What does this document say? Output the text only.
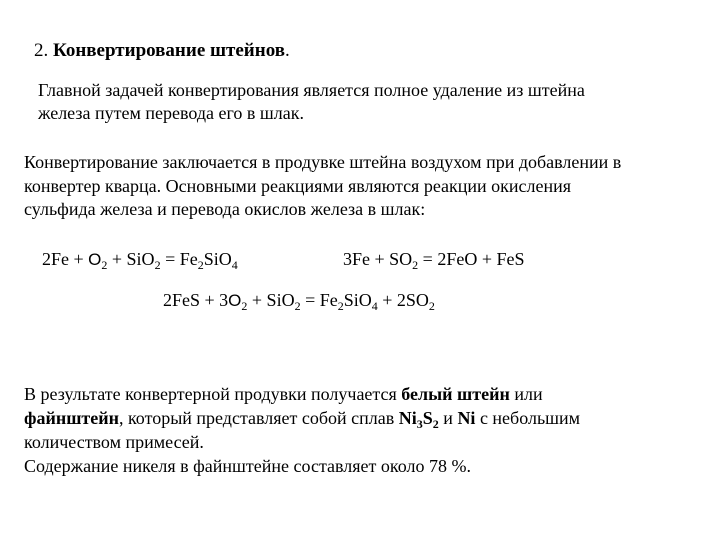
2. Конвертирование штейнов.
Главной задачей конвертирования является полное удаление из штейна
железа путем перевода его в шлак.
Конвертирование заключается в продувке штейна воздухом при добавлении в
конвертер кварца. Основными реакциями являются реакции окисления
сульфида железа и перевода окислов железа в шлак:
$2Fe + O_2 + SiO_2 = Fe_2SiO_4$	$3Fe + SO_2 = 2FeO$ + FeS
$2FeS + 3O_2 + SiO_2 = Fe_2SiO_4 + 2SO_2$
В результате конвертерной продувки получается белый штейн или
файнштейн, который представляет собой сплав $Ni_3S_2$ и Ni с небольшим
количеством примесей.
Содержание никеля в файнштейне составляет около 78 %.
